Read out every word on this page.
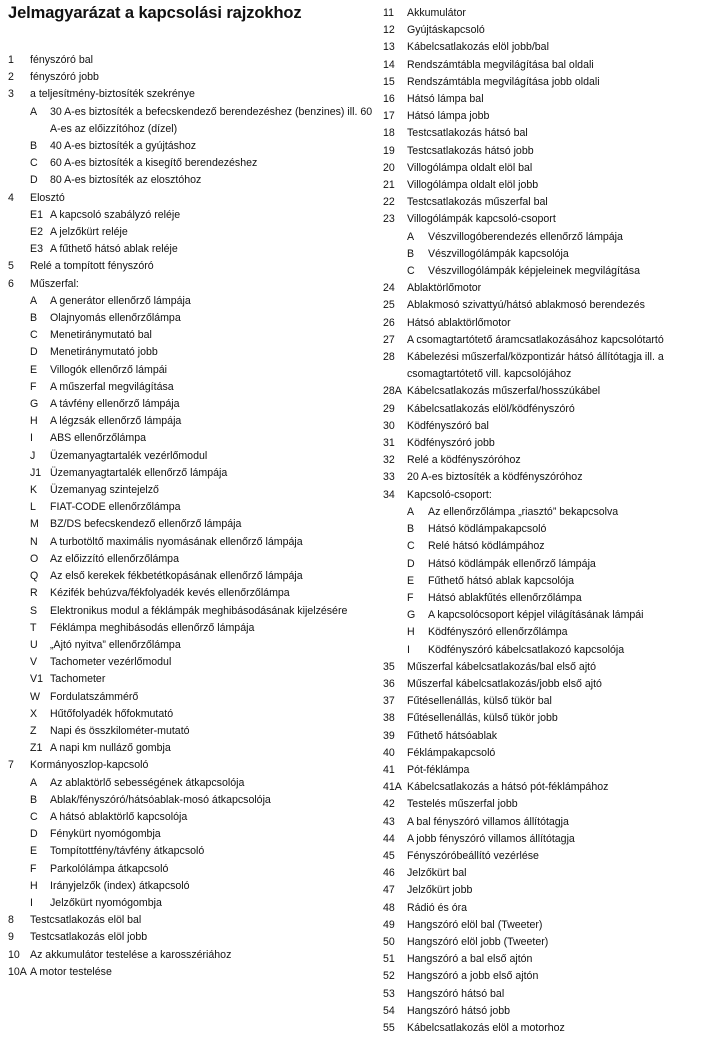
Jelmagyarázat a kapcsolási rajzokhoz
1	fényszóró bal
2	fényszóró jobb
3	a teljesítmény-biztosíték szekrénye
A	30 A-es biztosíték a befecskendező berendezéshez (benzines) ill. 60 A-es az előizzítóhoz (dízel)
B	40 A-es biztosíték a gyújtáshoz
C	60 A-es biztosíték a kisegítő berendezéshez
D	80 A-es biztosíték az elosztóhoz
4	Elosztó
E1 A kapcsoló szabályzó reléje
E2 A jelzőkürt reléje
E3 A fűthető hátsó ablak reléje
5	Relé a tompított fényszóró
6	Műszerfal:
A	A generátor ellenőrző lámpája
B	Olajnyomás ellenőrzőlámpa
C	Menetiránymutató bal
D	Menetiránymutató jobb
E	Villogók ellenőrző lámpái
F	A műszerfal megvilágítása
G	A távfény ellenőrző lámpája
H	A légzsák ellenőrző lámpája
I	ABS ellenőrzőlámpa
J	Üzemanyagtartalék vezérlőmodul
J1 Üzemanyagtartalék ellenőrző lámpája
K	Üzemanyag szintejelző
L	FIAT-CODE ellenőrzőlámpa
M	BZ/DS befecskendező ellenőrző lámpája
N	A turbotöltő maximális nyomásának ellenőrző lámpája
O	Az előizzító ellenőrzőlámpa
Q	Az első kerekek fékbetétkopásának ellenőrző lámpája
R	Kézifék behúzva/fékfolyadék kevés ellenőrzőlámpa
S	Elektronikus modul a féklámpák meghibásodásának kijelzésére
T	Féklámpa meghibásodás ellenőrző lámpája
U	„Ajtó nyitva” ellenőrzőlámpa
V	Tachometer vezérlőmodul
V1 Tachometer
W Fordulatszámmérő
X	Hűtőfolyadék hőfokmutató
Z	Napi és összkilométer-mutató
Z1 A napi km nulláző gombja
7	Kormányoszlop-kapcsoló
A	Az ablaktörlő sebességének átkapcsolója
B	Ablak/fényszóró/hátsóablak-mosó átkapcsolója
C	A hátsó ablaktörlő kapcsolója
D	Fénykürt nyomógombja
E	Tompítottfény/távfény átkapcsoló
F	Parkolólámpa átkapcsoló
H	Irányjelzők (index) átkapcsoló
I	Jelzőkürt nyomógombja
8	Testcsatlakozás elöl bal
9	Testcsatlakozás elöl jobb
10 Az akkumulátor testelése a karosszériához
10A A motor testelése
11	Akkumulátor
12	Gyújtáskapcsoló
13	Kábelcsatlakozás elöl jobb/bal
14	Rendszámtábla megvilágítása bal oldali
15	Rendszámtábla megvilágítása jobb oldali
16	Hátsó lámpa bal
17	Hátsó lámpa jobb
18	Testcsatlakozás hátsó bal
19	Testcsatlakozás hátsó jobb
20	Villogólámpa oldalt elöl bal
21	Villogólámpa oldalt elöl jobb
22	Testcsatlakozás műszerfal bal
23	Villogólámpák kapcsoló-csoport
A	Vészvillogóberendezés ellenőrző lámpája
B	Vészvillogólámpák kapcsolója
C	Vészvillogólámpák képjeleinek megvilágítása
24	Ablaktörlőmotor
25	Ablakmosó szivattyú/hátsó ablakmosó berendezés
26	Hátsó ablaktörlőmotor
27	A csomagtartótető áramcsatlakozásához kapcsolótartó
28	Kábelezési műszerfal/központizár hátsó állítótagja ill. a csomagtartótető vill. kapcsolójához
28A Kábelcsatlakozás műszerfal/hosszúkábel
29	Kábelcsatlakozás elöl/ködfényszóró
30	Ködfényszóró bal
31	Ködfényszóró jobb
32	Relé a ködfényszóróhoz
33	20 A-es biztosíték a ködfényszóróhoz
34	Kapcsoló-csoport:
A	Az ellenőrzőlámpa „riasztó” bekapcsolva
B	Hátsó ködlámpakapcsoló
C	Relé hátsó ködlámpához
D	Hátsó ködlámpák ellenőrző lámpája
E	Fűthető hátsó ablak kapcsolója
F	Hátsó ablakfűtés ellenőrzőlámpa
G	A kapcsolócsoport képjel világításának lámpái
H	Ködfényszóró ellenőrzőlámpa
I	Ködfényszóró kábelcsatlakozó kapcsolója
35	Műszerfal kábelcsatlakozás/bal első ajtó
36	Műszerfal kábelcsatlakozás/jobb első ajtó
37	Fűtésellenállás, külső tükör bal
38	Fűtésellenállás, külső tükör jobb
39	Fűthető hátsóablak
40	Féklámpakapcsoló
41	Pót-féklámpa
41A Kábelcsatlakozás a hátsó pót-féklámpához
42	Testelés műszerfal jobb
43	A bal fényszóró villamos állítótagja
44	A jobb fényszóró villamos állítótagja
45	Fényszóróbeállító vezérlése
46	Jelzőkürt bal
47	Jelzőkürt jobb
48	Rádió és óra
49	Hangszóró elöl bal (Tweeter)
50	Hangszóró elöl jobb (Tweeter)
51	Hangszóró a bal első ajtón
52	Hangszóró a jobb első ajtón
53	Hangszóró hátsó bal
54	Hangszóró hátsó jobb
55	Kábelcsatlakozás elöl a motorhoz
